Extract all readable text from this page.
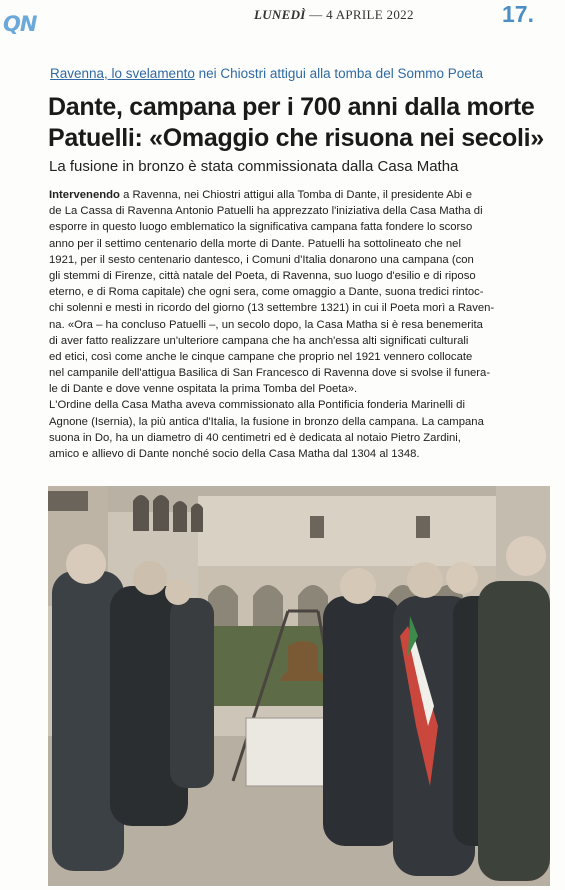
QN	LUNEDÌ — 4 APRILE 2022	17.
Ravenna, lo svelamento nei Chiostri attigui alla tomba del Sommo Poeta
Dante, campana per i 700 anni dalla morte
Patuelli: «Omaggio che risuona nei secoli»
La fusione in bronzo è stata commissionata dalla Casa Matha
Intervenendo a Ravenna, nei Chiostri attigui alla Tomba di Dante, il presidente Abi e
de La Cassa di Ravenna Antonio Patuelli ha apprezzato l'iniziativa della Casa Matha di
esporre in questo luogo emblematico la significativa campana fatta fondere lo scorso
anno per il settimo centenario della morte di Dante. Patuelli ha sottolineato che nel
1921, per il sesto centenario dantesco, i Comuni d'Italia donarono una campana (con
gli stemmi di Firenze, città natale del Poeta, di Ravenna, suo luogo d'esilio e di riposo
eterno, e di Roma capitale) che ogni sera, come omaggio a Dante, suona tredici rintoc-
chi solenni e mesti in ricordo del giorno (13 settembre 1321) in cui il Poeta morì a Raven-
na. «Ora – ha concluso Patuelli –, un secolo dopo, la Casa Matha si è resa benemerita
di aver fatto realizzare un'ulteriore campana che ha anch'essa alti significati culturali
ed etici, così come anche le cinque campane che proprio nel 1921 vennero collocate
nel campanile dell'attigua Basilica di San Francesco di Ravenna dove si svolse il funera-
le di Dante e dove venne ospitata la prima Tomba del Poeta».
L'Ordine della Casa Matha aveva commissionato alla Pontificia fonderia Marinelli di
Agnone (Isernia), la più antica d'Italia, la fusione in bronzo della campana. La campana
suona in Do, ha un diametro di 40 centimetri ed è dedicata al notaio Pietro Zardini,
amico e allievo di Dante nonché socio della Casa Matha dal 1304 al 1348.
